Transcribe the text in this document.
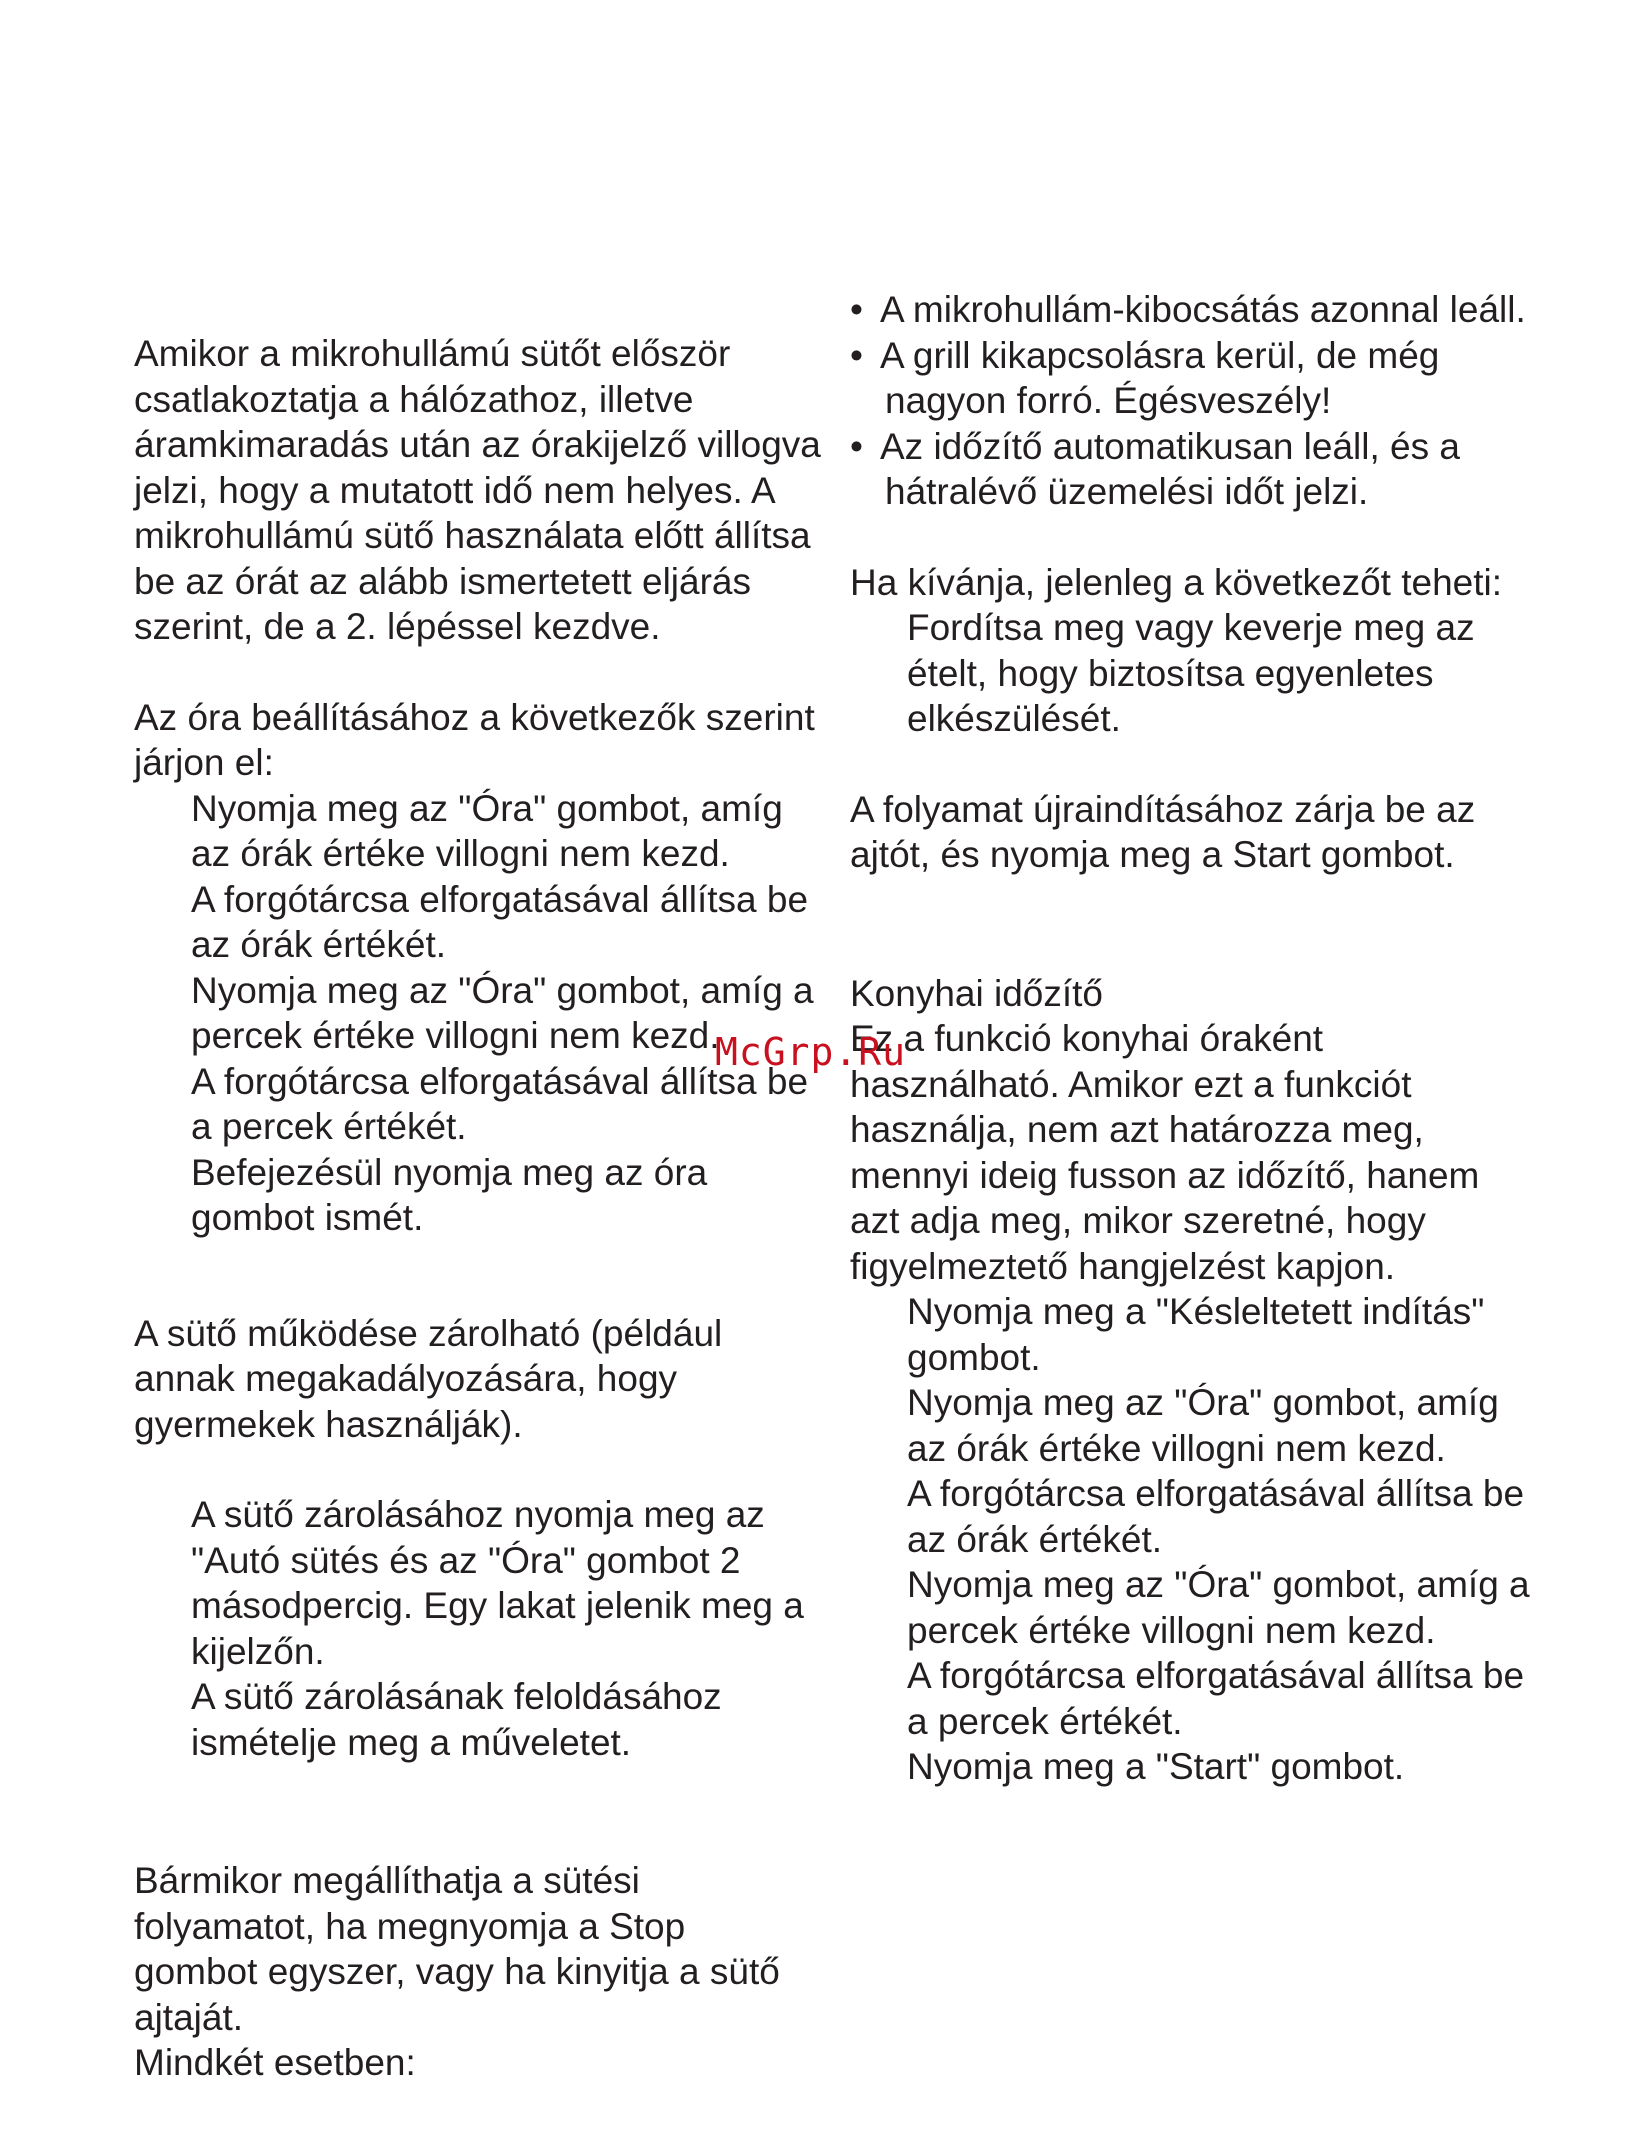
Amikor a mikrohullámú sütőt először
csatlakoztatja a hálózathoz, illetve
áramkimaradás után az órakijelző villogva
jelzi, hogy a mutatott idő nem helyes. A
mikrohullámú sütő használata előtt állítsa
be az órát az alább ismertetett eljárás
szerint, de a 2. lépéssel kezdve.
Az óra beállításához a következők szerint
járjon el:
Nyomja meg az "Óra" gombot, amíg
az órák értéke villogni nem kezd.
A forgótárcsa elforgatásával állítsa be
az órák értékét.
Nyomja meg az "Óra" gombot, amíg a
percek értéke villogni nem kezd.
A forgótárcsa elforgatásával állítsa be
a percek értékét.
Befejezésül nyomja meg az óra
gombot ismét.
A sütő működése zárolható (például
annak megakadályozására, hogy
gyermekek használják).
A sütő zárolásához nyomja meg az
"Autó sütés és az "Óra" gombot 2
másodpercig. Egy lakat jelenik meg a
kijelzőn.
A sütő zárolásának feloldásához
ismételje meg a műveletet.
Bármikor megállíthatja a sütési
folyamatot, ha megnyomja a Stop
gombot egyszer, vagy ha kinyitja a sütő
ajtaját.
Mindkét esetben:
• A mikrohullám-kibocsátás azonnal leáll.
• A grill kikapcsolásra kerül, de még
nagyon forró. Égésveszély!
• Az időzítő automatikusan leáll, és a
hátralévő üzemelési időt jelzi.
Ha kívánja, jelenleg a következőt teheti:
Fordítsa meg vagy keverje meg az
ételt, hogy biztosítsa egyenletes
elkészülését.
A folyamat újraindításához zárja be az
ajtót, és nyomja meg a Start gombot.
Konyhai időzítő
Ez a funkció konyhai óraként
használható. Amikor ezt a funkciót
használja, nem azt határozza meg,
mennyi ideig fusson az időzítő, hanem
azt adja meg, mikor szeretné, hogy
figyelmeztető hangjelzést kapjon.
Nyomja meg a "Késleltetett indítás"
gombot.
Nyomja meg az "Óra" gombot, amíg
az órák értéke villogni nem kezd.
A forgótárcsa elforgatásával állítsa be
az órák értékét.
Nyomja meg az "Óra" gombot, amíg a
percek értéke villogni nem kezd.
A forgótárcsa elforgatásával állítsa be
a percek értékét.
Nyomja meg a "Start" gombot.
McGrp.Ru
